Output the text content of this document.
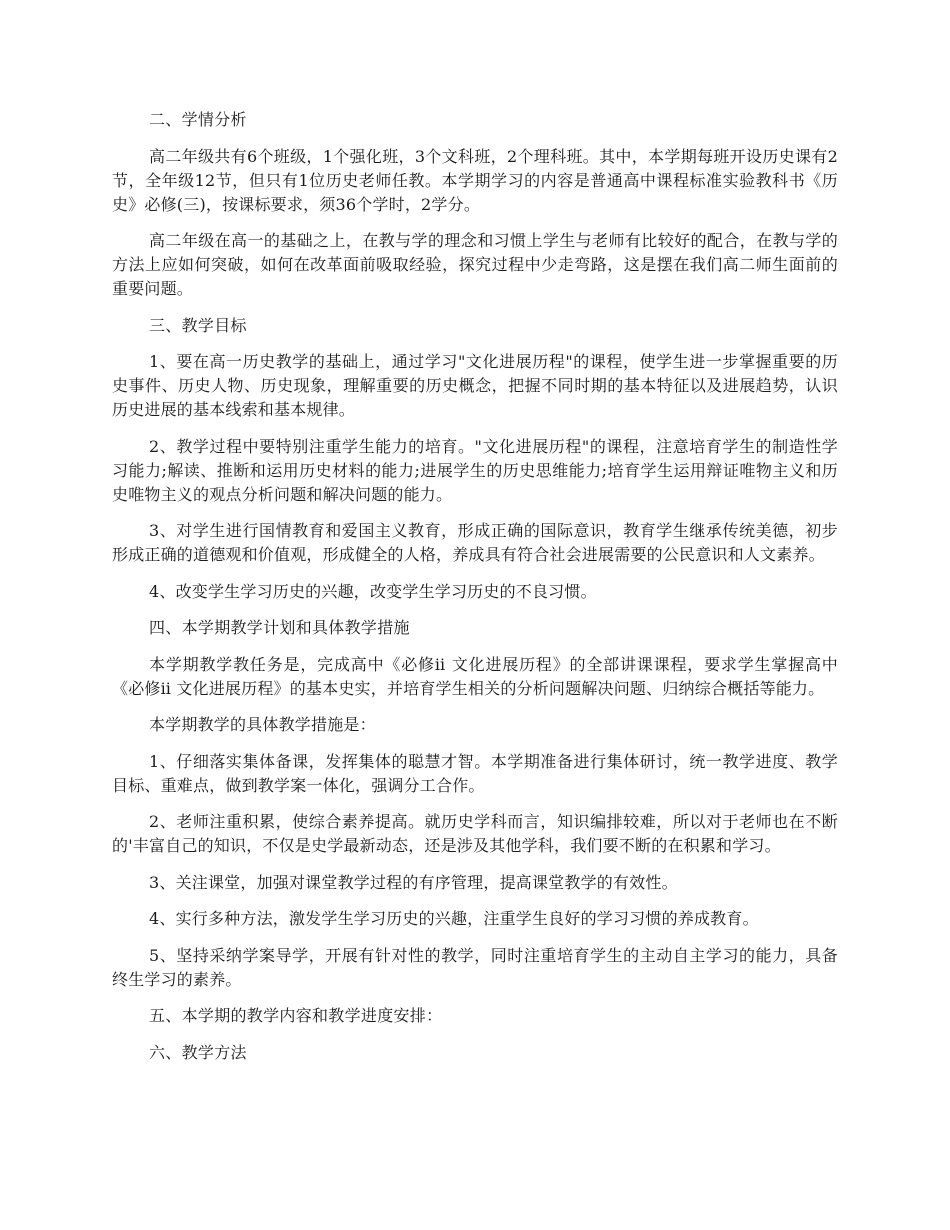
二、学情分析

高二年级共有6个班级，1个强化班，3个文科班，2个理科班。其中，本学期每班开设历史课有2节，全年级12节，但只有1位历史老师任教。本学期学习的内容是普通高中课程标准实验教科书《历史》必修(三)，按课标要求，须36个学时，2学分。

高二年级在高一的基础之上，在教与学的理念和习惯上学生与老师有比较好的配合，在教与学的方法上应如何突破，如何在改革面前吸取经验，探究过程中少走弯路，这是摆在我们高二师生面前的重要问题。

三、教学目标

1、要在高一历史教学的基础上，通过学习"文化进展历程"的课程，使学生进一步掌握重要的历史事件、历史人物、历史现象，理解重要的历史概念，把握不同时期的基本特征以及进展趋势，认识历史进展的基本线索和基本规律。

2、教学过程中要特别注重学生能力的培育。"文化进展历程"的课程，注意培育学生的制造性学习能力;解读、推断和运用历史材料的能力;进展学生的历史思维能力;培育学生运用辩证唯物主义和历史唯物主义的观点分析问题和解决问题的能力。

3、对学生进行国情教育和爱国主义教育，形成正确的国际意识，教育学生继承传统美德，初步形成正确的道德观和价值观，形成健全的人格，养成具有符合社会进展需要的公民意识和人文素养。

4、改变学生学习历史的兴趣，改变学生学习历史的不良习惯。

四、本学期教学计划和具体教学措施

本学期教学教任务是，完成高中《必修ⅱ 文化进展历程》的全部讲课课程，要求学生掌握高中《必修ⅱ 文化进展历程》的基本史实，并培育学生相关的分析问题解决问题、归纳综合概括等能力。

本学期教学的具体教学措施是：

1、仔细落实集体备课，发挥集体的聪慧才智。本学期准备进行集体研讨，统一教学进度、教学目标、重难点，做到教学案一体化，强调分工合作。

2、老师注重积累，使综合素养提高。就历史学科而言，知识编排较难，所以对于老师也在不断的'丰富自己的知识，不仅是史学最新动态，还是涉及其他学科，我们要不断的在积累和学习。

3、关注课堂，加强对课堂教学过程的有序管理，提高课堂教学的有效性。

4、实行多种方法，激发学生学习历史的兴趣，注重学生良好的学习习惯的养成教育。

5、坚持采纳学案导学，开展有针对性的教学，同时注重培育学生的主动自主学习的能力，具备终生学习的素养。

五、本学期的教学内容和教学进度安排：

六、教学方法
